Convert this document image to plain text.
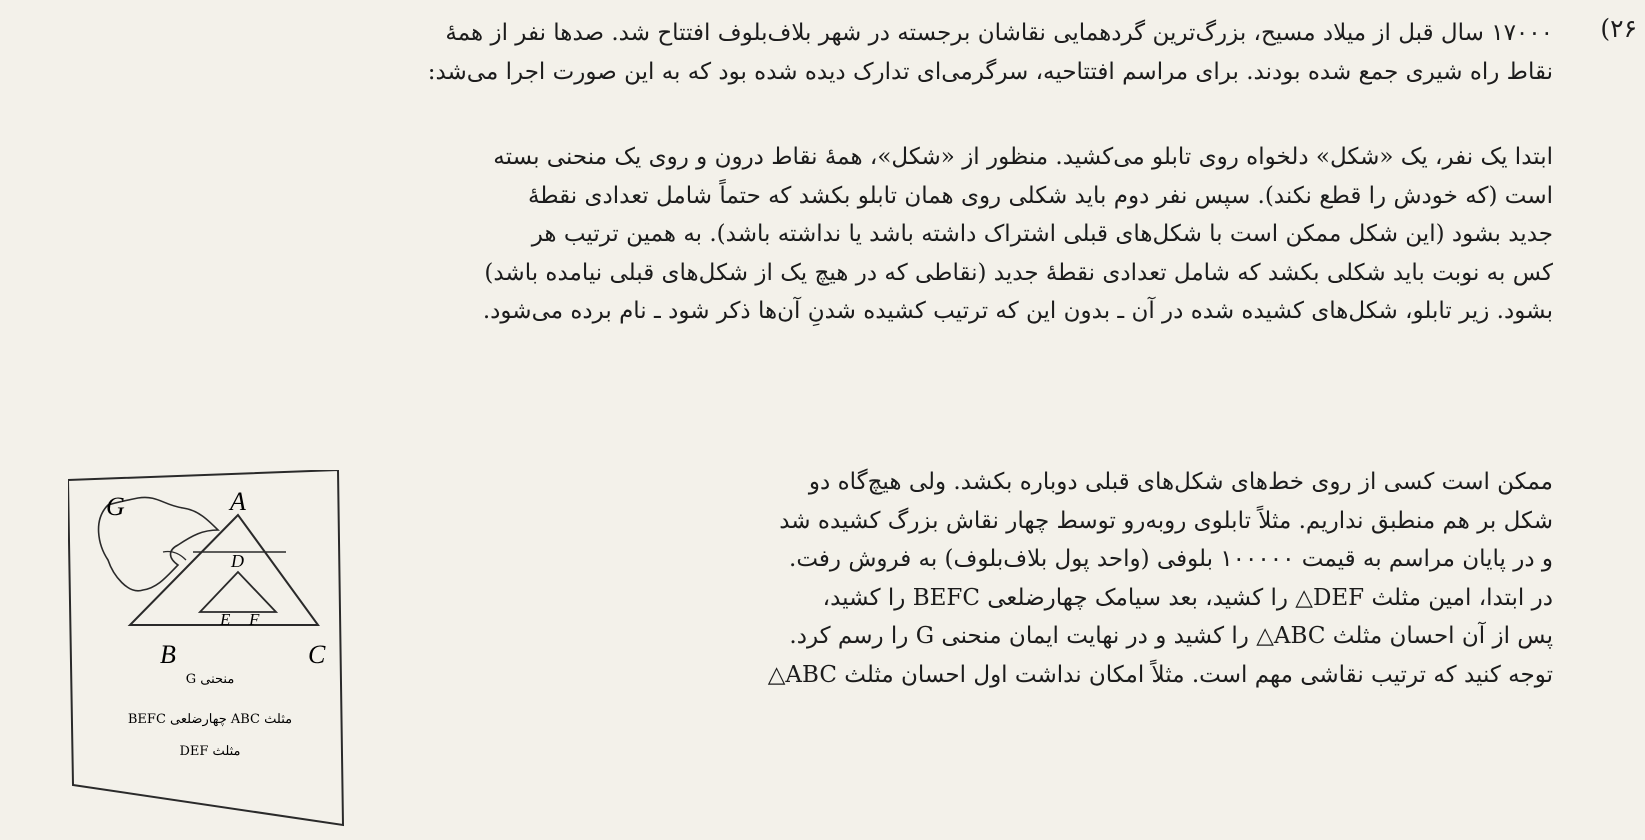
۲۶)
۱۷۰۰۰ سال قبل از میلاد مسیح، بزرگ‌ترین گردهمایی نقاشان برجسته در شهر بلاف‌بلوف افتتاح شد. صدها نفر از همهٔ
نقاط راه شیری جمع شده بودند. برای مراسم افتتاحیه، سرگرمی‌ای تدارک دیده شده بود که به این صورت اجرا می‌شد:
ابتدا یک نفر، یک «شکل» دلخواه روی تابلو می‌کشید. منظور از «شکل»، همهٔ نقاط درون و روی یک منحنی بسته
است (که خودش را قطع نکند). سپس نفر دوم باید شکلی روی همان تابلو بکشد که حتماً شامل تعدادی نقطهٔ
جدید بشود (این شکل ممکن است با شکل‌های قبلی اشتراک داشته باشد یا نداشته باشد). به همین ترتیب هر
کس به نوبت باید شکلی بکشد که شامل تعدادی نقطهٔ جدید (نقاطی که در هیچ یک از شکل‌های قبلی نیامده باشد)
بشود. زیر تابلو، شکل‌های کشیده شده در آن ـ بدون این که ترتیب کشیده شدنِ آن‌ها ذکر شود ـ نام برده می‌شود.
ممکن است کسی از روی خط‌های شکل‌های قبلی دوباره بکشد. ولی هیچ‌گاه دو
شکل بر هم منطبق نداریم. مثلاً تابلوی روبه‌رو توسط چهار نقاش بزرگ کشیده شد
و در پایان مراسم به قیمت ۱۰۰۰۰۰ بلوفی (واحد پول بلاف‌بلوف) به فروش رفت.
در ابتدا، امین مثلث DEF△ را کشید، بعد سیامک چهارضلعی BEFC را کشید،
پس از آن احسان مثلث ABC△ را کشید و در نهایت ایمان منحنی G را رسم کرد.
توجه کنید که ترتیب نقاشی مهم است. مثلاً امکان نداشت اول احسان مثلث ABC△
G	A
D
E F
B	C
منحنی G
مثلث ABC چهارضلعی BEFC
مثلث DEF
